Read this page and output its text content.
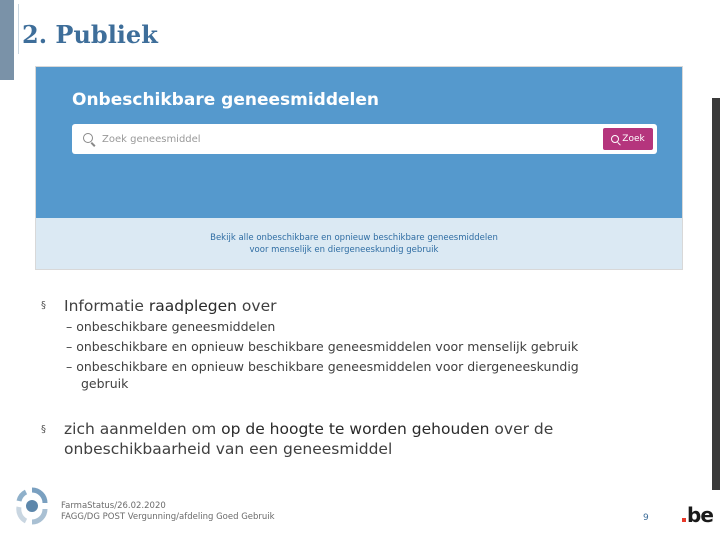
2. Publiek
Onbeschikbare geneesmiddelen
Zoek geneesmiddel
Zoek
Bekijk alle onbeschikbare en opnieuw beschikbare geneesmiddelen
voor menselijk en diergeneeskundig gebruik
§ Informatie raadplegen over
– onbeschikbare geneesmiddelen
– onbeschikbare en opnieuw beschikbare geneesmiddelen voor menselijk gebruik
– onbeschikbare en opnieuw beschikbare geneesmiddelen voor diergeneeskundig
gebruik
§ zich aanmelden om op de hoogte te worden gehouden over de
onbeschikbaarheid van een geneesmiddel
FarmaStatus/26.02.2020
FAGG/DG POST Vergunning/afdeling Goed Gebruik	9 be
